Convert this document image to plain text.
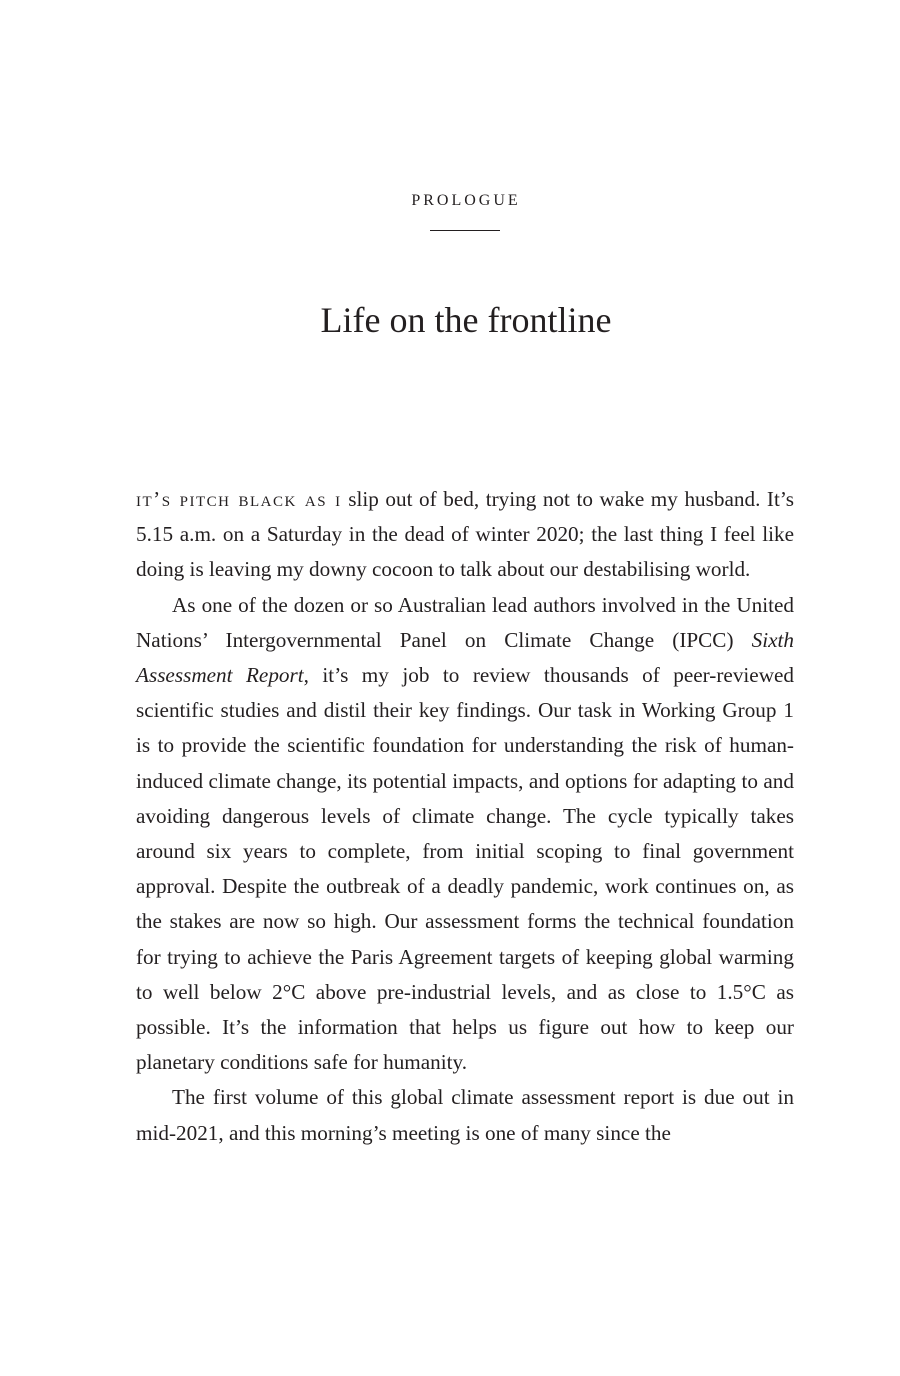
PROLOGUE
Life on the frontline

it’s pitch black as i slip out of bed, trying not to wake my husband. It’s 5.15 a.m. on a Saturday in the dead of winter 2020; the last thing I feel like doing is leaving my downy cocoon to talk about our destabilising world.

As one of the dozen or so Australian lead authors involved in the United Nations’ Intergovernmental Panel on Climate Change (IPCC) Sixth Assessment Report, it’s my job to review thousands of peer-reviewed scientific studies and distil their key findings. Our task in Working Group 1 is to provide the scientific foundation for understanding the risk of human-induced climate change, its potential impacts, and options for adapting to and avoiding dangerous levels of climate change. The cycle typically takes around six years to complete, from initial scoping to final government approval. Despite the outbreak of a deadly pandemic, work continues on, as the stakes are now so high. Our assessment forms the technical foundation for trying to achieve the Paris Agreement targets of keeping global warming to well below 2°C above pre-industrial levels, and as close to 1.5°C as possible. It’s the information that helps us figure out how to keep our planetary conditions safe for humanity.

The first volume of this global climate assessment report is due out in mid-2021, and this morning’s meeting is one of many since the
